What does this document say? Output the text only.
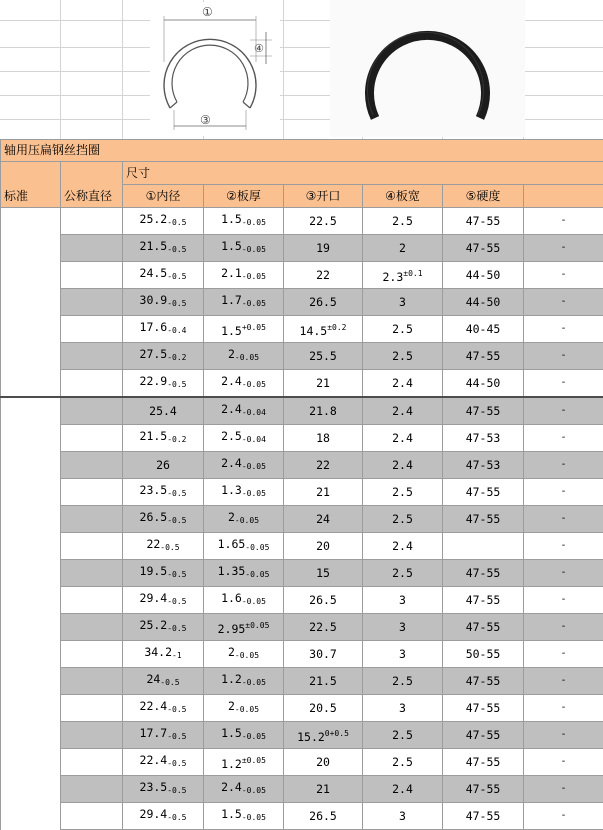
①
④
③
轴用压扁钢丝挡圈							
标准	公称直径	尺寸					
		①内径	②板厚	③开口	④板宽	⑤硬度	
		$25.2_{-0.5}$	$1.5_{-0.05}$	22.5	2.5	47-55	-
		$21.5_{-0.5}$	$1.5_{-0.05}$	19	2	47-55	-
		$24.5_{-0.5}$	$2.1_{-0.05}$	22	$2.3^{\pm 0.1}$	44-50	-
		$30.9_{-0.5}$	$1.7_{-0.05}$	26.5	3	44-50	-
		$17.6_{-0.4}$	$1.5^{+0.05}$	$14.5^{\pm 0.2}$	2.5	40-45	-
		$27.5_{-0.2}$	$2_{-0.05}$	25.5	2.5	47-55	-
		$22.9_{-0.5}$	$2.4_{-0.05}$	21	2.4	44-50	-
		25.4	$2.4_{-0.04}$	21.8	2.4	47-55	-
		$21.5_{-0.2}$	$2.5_{-0.04}$	18	2.4	47-53	-
		26	$2.4_{-0.05}$	22	2.4	47-53	-
		$23.5_{-0.5}$	$1.3_{-0.05}$	21	2.5	47-55	-
		$26.5_{-0.5}$	$2_{-0.05}$	24	2.5	47-55	-
		$22_{-0.5}$	$1.65_{-0.05}$	20	2.4		-
		$19.5_{-0.5}$	$1.35_{-0.05}$	15	2.5	47-55	-
		$29.4_{-0.5}$	$1.6_{-0.05}$	26.5	3	47-55	-
		$25.2_{-0.5}$	$2.95^{\pm 0.05}$	22.5	3	47-55	-
		$34.2_{-1}$	$2_{-0.05}$	30.7	3	50-55	-
		$24_{-0.5}$	$1.2_{-0.05}$	21.5	2.5	47-55	-
		$22.4_{-0.5}$	$2_{-0.05}$	20.5	3	47-55	-
		$17.7_{-0.5}$	$1.5_{-0.05}$	$15.2^{0+0.5}$	2.5	47-55	-
		$22.4_{-0.5}$	$1.2^{\pm 0.05}$	20	2.5	47-55	-
		$23.5_{-0.5}$	$2.4_{-0.05}$	21	2.4	47-55	-
		$29.4_{-0.5}$	$1.5_{-0.05}$	26.5	3	47-55	-
